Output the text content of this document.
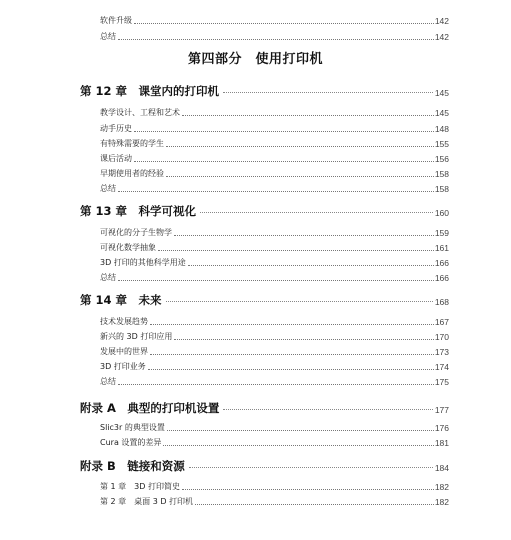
软件升级	142
总结	142
第四部分　使用打印机
第 12 章　课堂内的打印机	145
教学设计、工程和艺术	145
动手历史	148
有特殊需要的学生	155
课后活动	156
早期使用者的经验	158
总结	158
第 13 章　科学可视化	160
可视化的分子生物学	159
可视化数学抽象	161
3D 打印的其他科学用途	166
总结	166
第 14 章　未来	168
技术发展趋势	167
新兴的 3D 打印应用	170
发展中的世界	173
3D 打印业务	174
总结	175
附录 A　典型的打印机设置	177
Slic3r 的典型设置	176
Cura 设置的差异	181
附录 B　链接和资源	184
第 1 章　3D 打印简史	182
第 2 章　桌面 3 D 打印机	182
